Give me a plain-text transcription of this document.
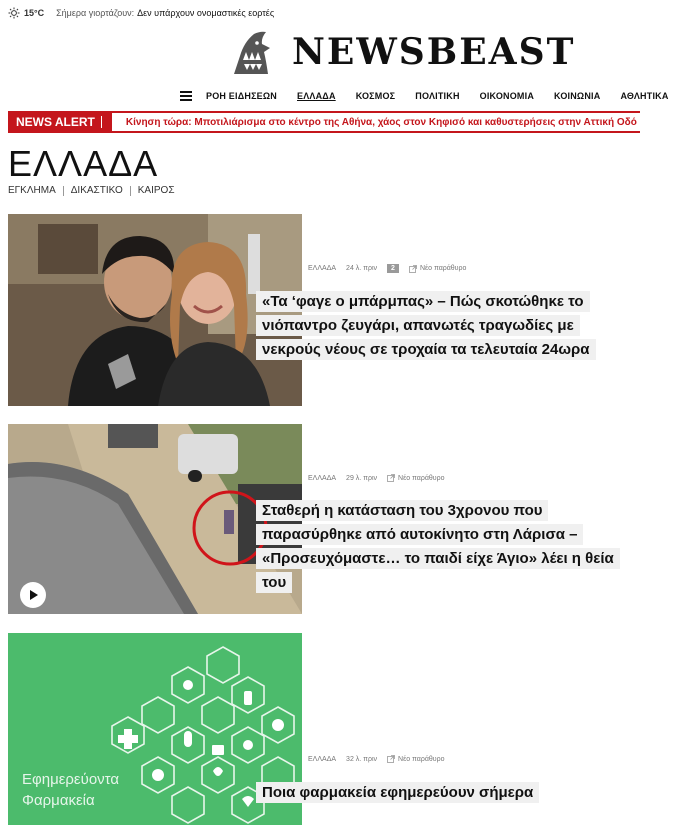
15°C Σήμερα γιορτάζουν: Δεν υπάρχουν ονομαστικές εορτές
NEWSBEAST
ΡΟΗ ΕΙΔΗΣΕΩΝ ΕΛΛΑΔΑ ΚΟΣΜΟΣ ΠΟΛΙΤΙΚΗ ΟΙΚΟΝΟΜΙΑ ΚΟΙΝΩΝΙΑ ΑΘΛΗΤΙΚΑ
NEWS ALERT	Κίνηση τώρα: Μποτιλιάρισμα στο κέντρο της Αθήνα, χάος στον Κηφισό και καθυστερήσεις στην Αττική Οδό
ΕΛΛΑΔΑ
ΕΓΚΛΗΜΑ ΔΙΚΑΣΤΙΚΟ ΚΑΙΡΟΣ
ΕΛΛΑΔΑ 24 λ. πριν	2	Νέο παράθυρο
«Τα ‘φαγε ο μπάρμπας» – Πώς σκοτώθηκε το νιόπαντρο ζευγάρι, απανωτές τραγωδίες με νεκρούς νέους σε τροχαία τα τελευταία 24ωρα
ΕΛΛΑΔΑ 29 λ. πριν	Νέο παράθυρο
Σταθερή η κατάσταση του 3χρονου που παρασύρθηκε από αυτοκίνητο στη Λάρισα – «Προσευχόμαστε… το παιδί είχε Άγιο» λέει η θεία του
Εφημερεύοντα
Φαρμακεία
ΕΛΛΑΔΑ 32 λ. πριν	Νέο παράθυρο
Ποια φαρμακεία εφημερεύουν σήμερα
